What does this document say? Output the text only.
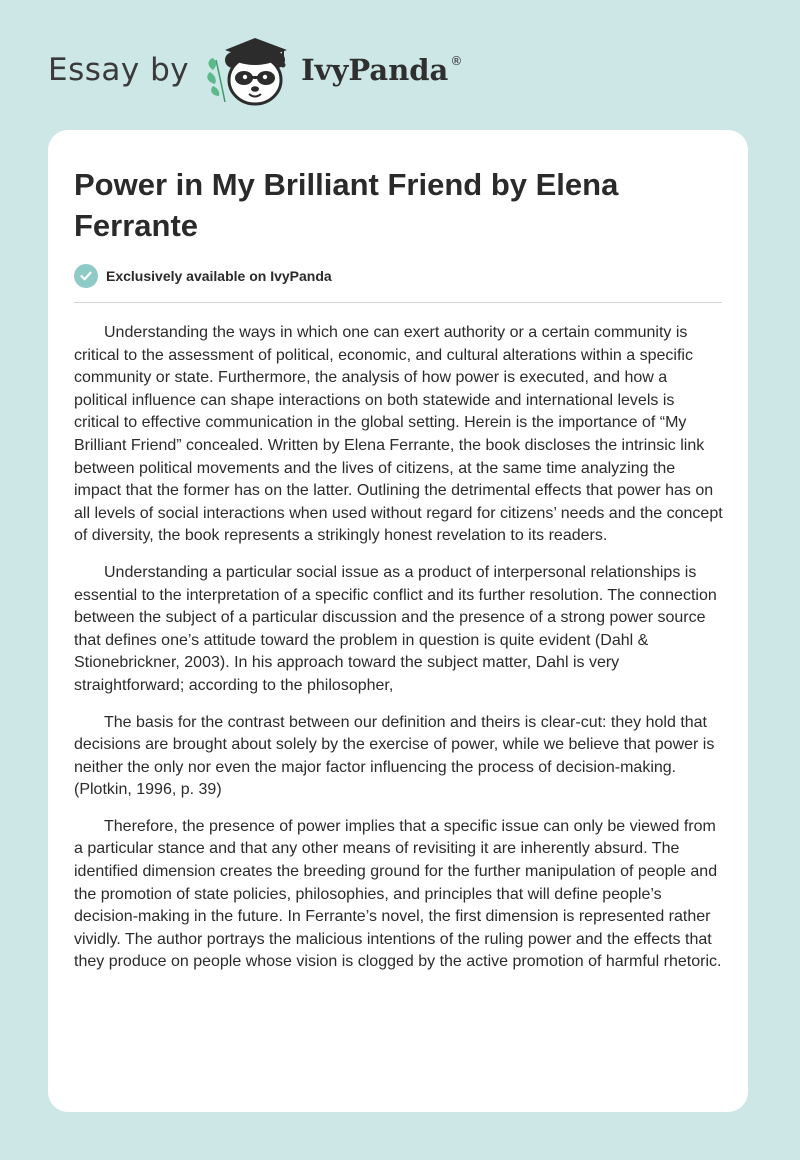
Essay by	IvyPanda ®
Power in My Brilliant Friend by Elena Ferrante
Exclusively available on IvyPanda

Understanding the ways in which one can exert authority or a certain community is critical to the assessment of political, economic, and cultural alterations within a specific community or state. Furthermore, the analysis of how power is executed, and how a political influence can shape interactions on both statewide and international levels is critical to effective communication in the global setting. Herein is the importance of “My Brilliant Friend” concealed. Written by Elena Ferrante, the book discloses the intrinsic link between political movements and the lives of citizens, at the same time analyzing the impact that the former has on the latter. Outlining the detrimental effects that power has on all levels of social interactions when used without regard for citizens’ needs and the concept of diversity, the book represents a strikingly honest revelation to its readers.

Understanding a particular social issue as a product of interpersonal relationships is essential to the interpretation of a specific conflict and its further resolution. The connection between the subject of a particular discussion and the presence of a strong power source that defines one’s attitude toward the problem in question is quite evident (Dahl & Stionebrickner, 2003). In his approach toward the subject matter, Dahl is very straightforward; according to the philosopher,

The basis for the contrast between our definition and theirs is clear-cut: they hold that decisions are brought about solely by the exercise of power, while we believe that power is neither the only nor even the major factor influencing the process of decision-making. (Plotkin, 1996, p. 39)

Therefore, the presence of power implies that a specific issue can only be viewed from a particular stance and that any other means of revisiting it are inherently absurd. The identified dimension creates the breeding ground for the further manipulation of people and the promotion of state policies, philosophies, and principles that will define people’s decision-making in the future. In Ferrante’s novel, the first dimension is represented rather vividly. The author portrays the malicious intentions of the ruling power and the effects that they produce on people whose vision is clogged by the active promotion of harmful rhetoric.
